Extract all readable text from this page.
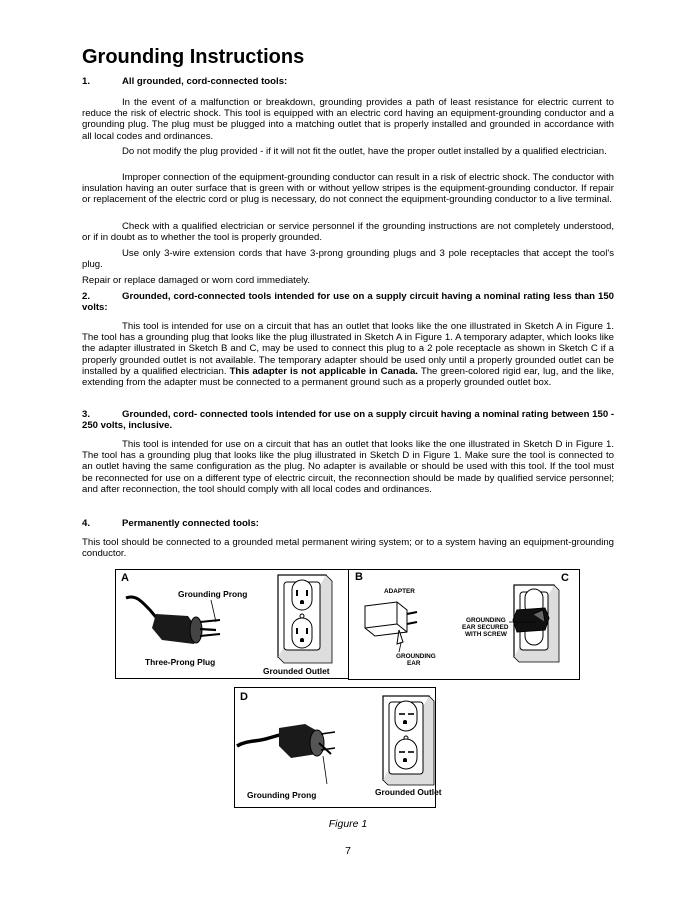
Grounding Instructions
1.	All grounded, cord-connected tools:

In the event of a malfunction or breakdown, grounding provides a path of least resistance for electric current to reduce the risk of electric shock. This tool is equipped with an electric cord having an equipment-grounding conductor and a grounding plug. The plug must be plugged into a matching outlet that is properly installed and grounded in accordance with all local codes and ordinances.

Do not modify the plug provided - if it will not fit the outlet, have the proper outlet installed by a qualified electrician.

Improper connection of the equipment-grounding conductor can result in a risk of electric shock. The conductor with insulation having an outer surface that is green with or without yellow stripes is the equipment-grounding conductor. If repair or replacement of the electric cord or plug is necessary, do not connect the equipment-grounding conductor to a live terminal.

Check with a qualified electrician or service personnel if the grounding instructions are not completely understood, or if in doubt as to whether the tool is properly grounded.

Use only 3-wire extension cords that have 3-prong grounding plugs and 3 pole receptacles that accept the tool's plug.

Repair or replace damaged or worn cord immediately.

2.	Grounded, cord-connected tools intended for use on a supply circuit having a nominal rating less than 150 volts:

This tool is intended for use on a circuit that has an outlet that looks like the one illustrated in Sketch A in Figure 1. The tool has a grounding plug that looks like the plug illustrated in Sketch A in Figure 1. A temporary adapter, which looks like the adapter illustrated in Sketch B and C, may be used to connect this plug to a 2 pole receptacle as shown in Sketch C if a properly grounded outlet is not available. The temporary adapter should be used only until a properly grounded outlet can be installed by a qualified electrician. This adapter is not applicable in Canada. The green-colored rigid ear, lug, and the like, extending from the adapter must be connected to a permanent ground such as a properly grounded outlet box.

3.	Grounded, cord- connected tools intended for use on a supply circuit having a nominal rating between 150 - 250 volts, inclusive.

This tool is intended for use on a circuit that has an outlet that looks like the one illustrated in Sketch D in Figure 1. The tool has a grounding plug that looks like the plug illustrated in Sketch D in Figure 1. Make sure the tool is connected to an outlet having the same configuration as the plug. No adapter is available or should be used with this tool. If the tool must be reconnected for use on a different type of electric circuit, the reconnection should be made by qualified service personnel; and after reconnection, the tool should comply with all local codes and ordinances.

4.	Permanently connected tools:

This tool should be connected to a grounded metal permanent wiring system; or to a system having an equipment-grounding conductor.

A
Grounding Prong
Three-Prong Plug
Grounded Outlet
B	C
ADAPTER
GROUNDING
EAR
GROUNDING
EAR SECURED
WITH SCREW
D
Grounding Prong	Grounded Outlet
Figure 1
7
